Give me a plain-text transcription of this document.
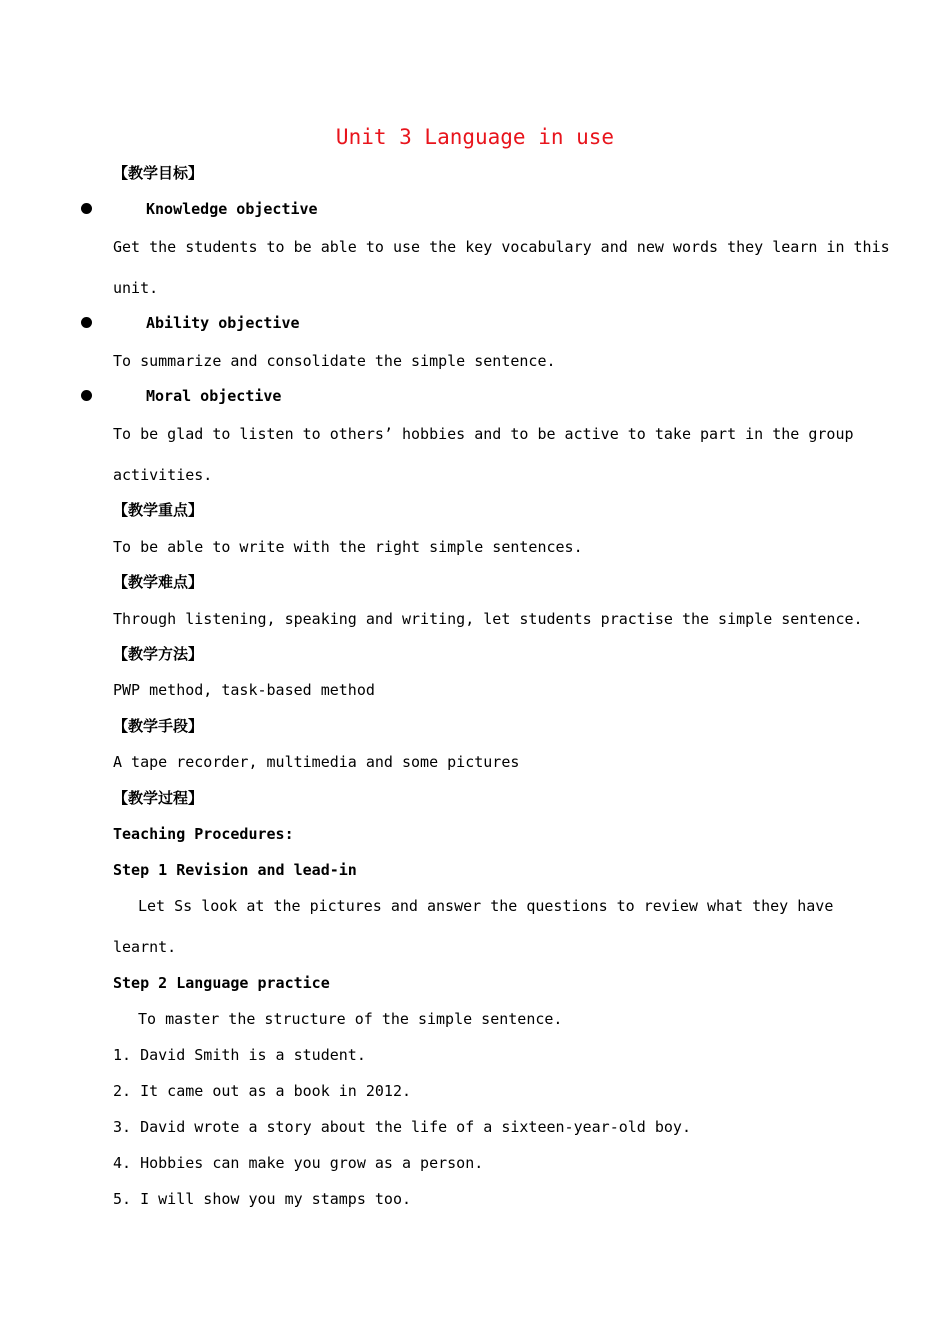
Unit 3 Language in use
【教学目标】
Knowledge objective
Get the students to be able to use the key vocabulary and new words they learn in this
unit.
Ability objective
To summarize and consolidate the simple sentence.
Moral objective
To be glad to listen to others’ hobbies and to be active to take part in the group
activities.
【教学重点】
To be able to write with the right simple sentences.
【教学难点】
Through listening, speaking and writing, let students practise the simple sentence.
【教学方法】
PWP method, task-based method
【教学手段】
A tape recorder, multimedia and some pictures
【教学过程】
Teaching Procedures:
Step 1 Revision and lead-in
Let Ss look at the pictures and answer the questions to review what they have
learnt.
Step 2 Language practice
To master the structure of the simple sentence.
1. David Smith is a student.
2. It came out as a book in 2012.
3. David wrote a story about the life of a sixteen-year-old boy.
4. Hobbies can make you grow as a person.
5. I will show you my stamps too.
